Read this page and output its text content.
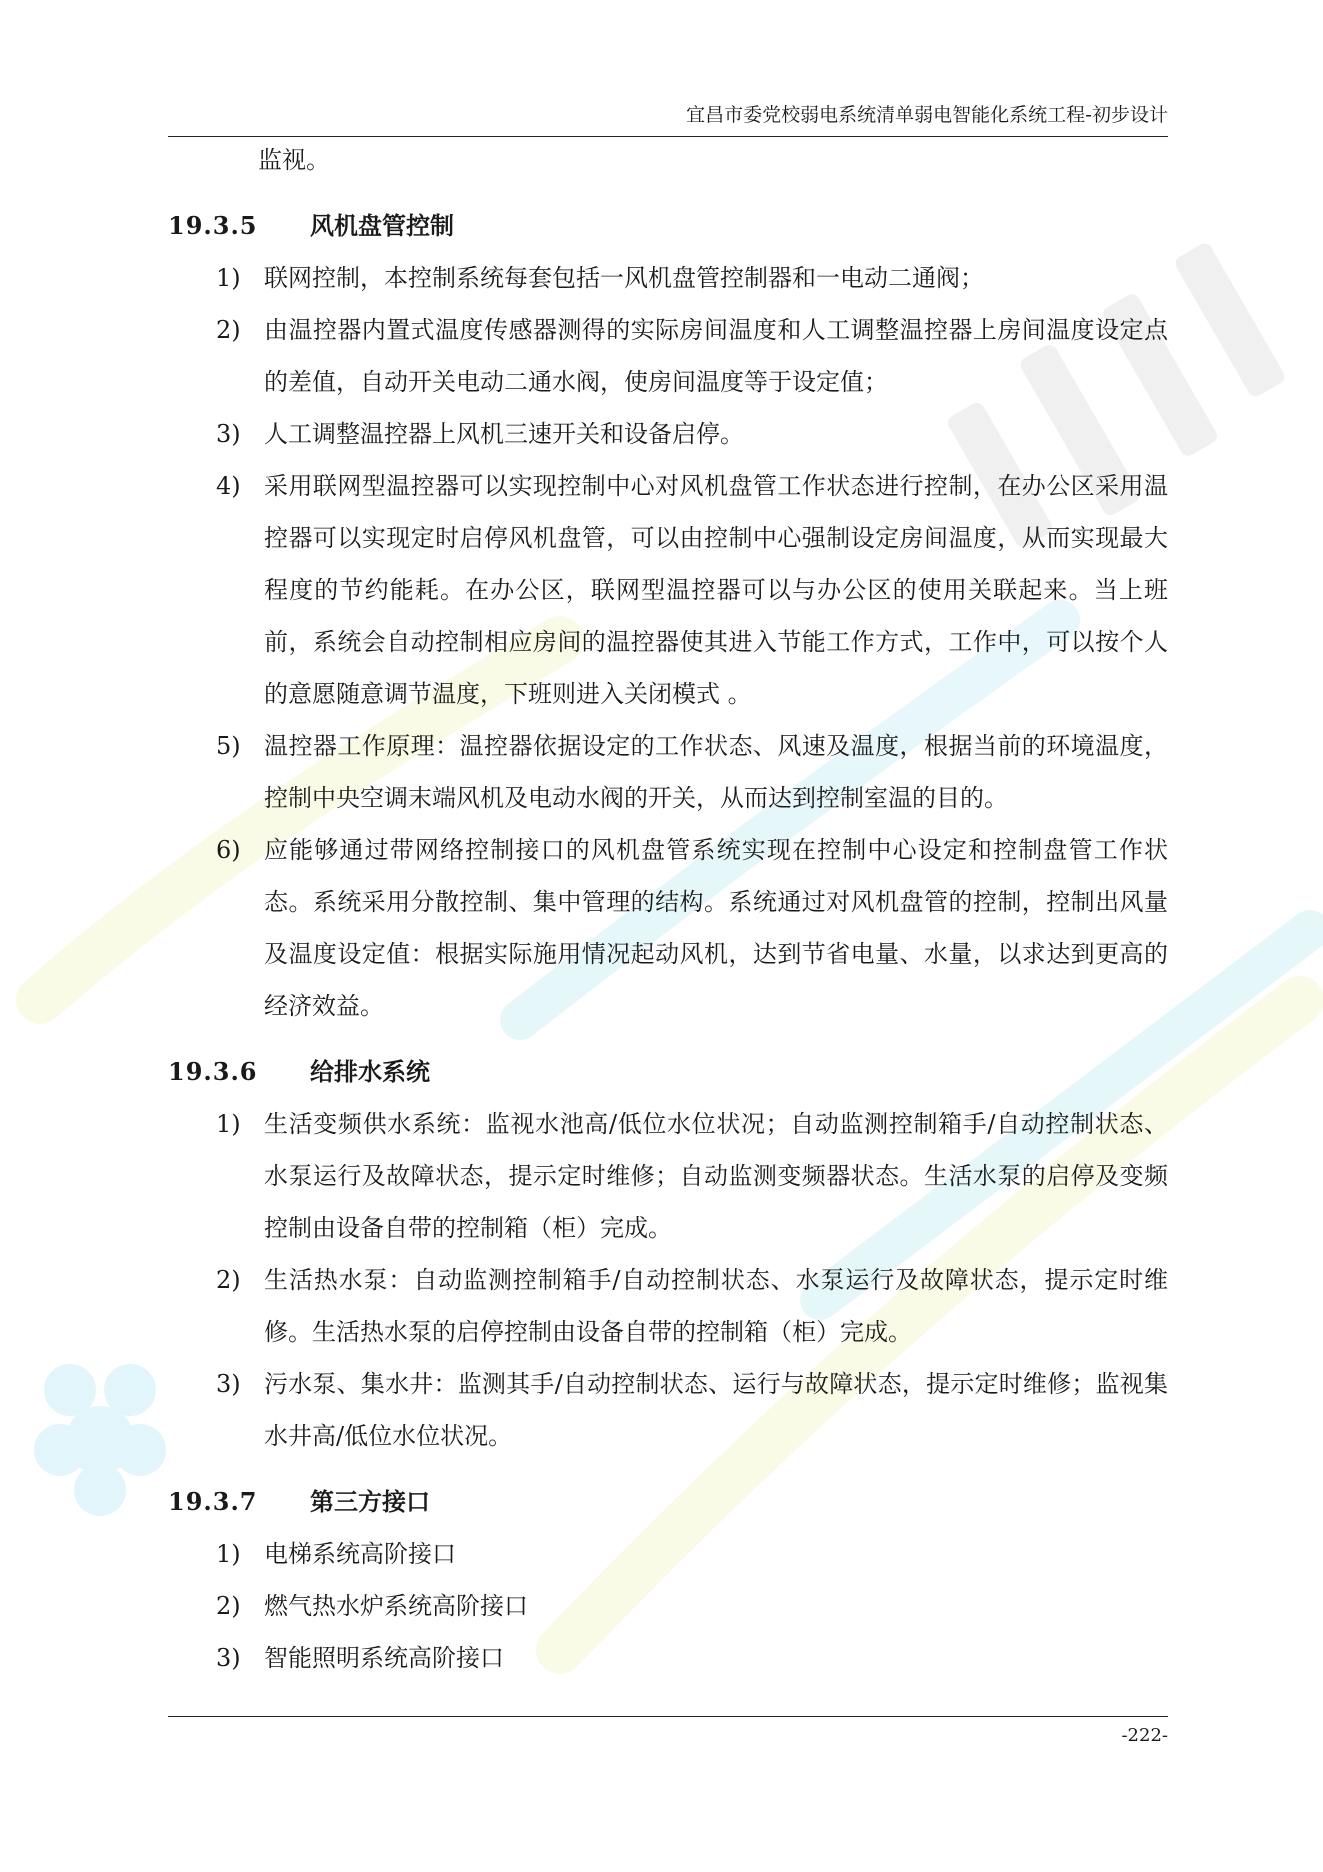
宜昌市委党校弱电系统清单弱电智能化系统工程-初步设计
监视。
19.3.5	风机盘管控制
1) 联网控制，本控制系统每套包括一风机盘管控制器和一电动二通阀；
2) 由温控器内置式温度传感器测得的实际房间温度和人工调整温控器上房间温度设定点的差值，自动开关电动二通水阀，使房间温度等于设定值；
3) 人工调整温控器上风机三速开关和设备启停。
4) 采用联网型温控器可以实现控制中心对风机盘管工作状态进行控制，在办公区采用温控器可以实现定时启停风机盘管，可以由控制中心强制设定房间温度，从而实现最大程度的节约能耗。在办公区，联网型温控器可以与办公区的使用关联起来。当上班前，系统会自动控制相应房间的温控器使其进入节能工作方式，工作中，可以按个人的意愿随意调节温度，下班则进入关闭模式 。
5) 温控器工作原理：温控器依据设定的工作状态、风速及温度，根据当前的环境温度，控制中央空调末端风机及电动水阀的开关，从而达到控制室温的目的。
6) 应能够通过带网络控制接口的风机盘管系统实现在控制中心设定和控制盘管工作状态。系统采用分散控制、集中管理的结构。系统通过对风机盘管的控制，控制出风量及温度设定值：根据实际施用情况起动风机，达到节省电量、水量，以求达到更高的经济效益。
19.3.6	给排水系统
1) 生活变频供水系统：监视水池高/低位水位状况；自动监测控制箱手/自动控制状态、水泵运行及故障状态，提示定时维修；自动监测变频器状态。生活水泵的启停及变频控制由设备自带的控制箱（柜）完成。
2) 生活热水泵：自动监测控制箱手/自动控制状态、水泵运行及故障状态，提示定时维修。生活热水泵的启停控制由设备自带的控制箱（柜）完成。
3) 污水泵、集水井：监测其手/自动控制状态、运行与故障状态，提示定时维修；监视集水井高/低位水位状况。
19.3.7	第三方接口
1) 电梯系统高阶接口
2) 燃气热水炉系统高阶接口
3) 智能照明系统高阶接口
-222-
